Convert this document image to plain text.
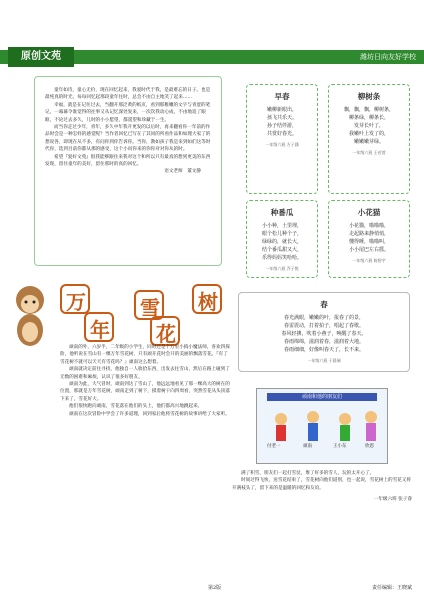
原创文苑	潍坊日向友好学校

童年如诗，童心无价，现在回忆起来，我爱时代于我，是最难忘的日子。也是最纯真的时光，每每回忆起那段童年往时，总会不由自主地笑了起来……

幸福，就是在记住过去，当翻开那泛黄的纸页，看到那稚嫩的文字与青涩的笔记，一幕幕令谁觉得的往事又从记忆深处复来，一次次我动心成，不由地追了眼眶，不论过去多久，儿时的小小愿望，都遥望和珍藏于一生。

而当你走过少年，青年，多久中年我开更发的以后时，再来翻看你一年前的作品时会是一种怎样的感觉呢？当作者回忆已写在了其同的所看作品和如理大家了的想说各，即现在从不多，有问你到你告诉你。当你，教如孩子我是来到如们这等时代你，选到目前你都从那的感受，这个小问你来的你你对对你从的时。

希望『爱好文苑』很我能够跟住来我对这个和所以只有最真的想到更美的东西发现，留住童年的美好，留住那时的真的回忆。

语文老师　董文静
早春
嫩柳新眼出，
孩飞共乐天。
孙子结伴游，
共赏好春光。
一年级六班 方子涵
柳树条
飘，飘，飘，柳树条，
柳条绿，柳条长，
发芽长叶了，
我嫩叶上发了的，
嫩嫩嫩芽绿。
一年级六班 王若萱
种番瓜
小小种，土里埋，
眼个松儿种个子，
绿绿的，就长大，
结个番瓜甜又大，
乐得妈妈笑哈哈。
一年级六班 乔子悦
小花猫
小花猫，喵喵喵，
走起路来静悄悄，
懂得睡，喵喵叫，
小小尾巴左右摇。
一年级六班 陈智宇
春
春光满眼，嫩嫩的叶，报春了的景，
春雷震动，打着拍子，唱起了春歌。
春风轻拂，吹着小燕子，唤醒了春天。
春雨绵绵，滋润着春，滋润着大地。
春雨细细，好像叫春天了，长不来。
一年级六班 于晨瑞
万
年
雪
花
树

顽南的外，六岁半，二年级的小学生，同时还是个万里小捣小魔法师，喜欢四探险，他听说在雪山有一棵万年雪花树，只有顽开花时会开的美丽的飘落雪花。『有了雪花树不就可以天天有雪花吗？』顽南这么想着。

顽南就决定前往寻找，他独自一人收拾东西，出发去往雪山，然后在路上碰到了无数的困难和麻烦，认识了很多好朋友。

顽南为此，大气冒时，顽南到达了雪山了，他远远地看见了那一棵高大的树在的位置，那就是万年雪花树，顽南走到了树下，摸着树干向四周看，突然雪花从头顶落下来了，雪花好大。

他们很快跑向顽南，雪花落在他们的头上，他们都高兴地跳起来。

顽南在这次冒险中学会了许多道理，回到家后他将雪花树的故事讲给了大家听。

顽南和他的朋友们
付老一	顽南	王小东	欣恩

满了积雪，朋友们一起打雪仗，堆了好多的雪人，玩的太开心了。

时间过得飞快，送雪花结束了，雪花树向他们道别，也一起说，雪花树上的雪花又将开满枝头了，留下来的是温暖的回忆和友谊。

一年级六班 张子睿
第2版	责任编辑：王晓斌
